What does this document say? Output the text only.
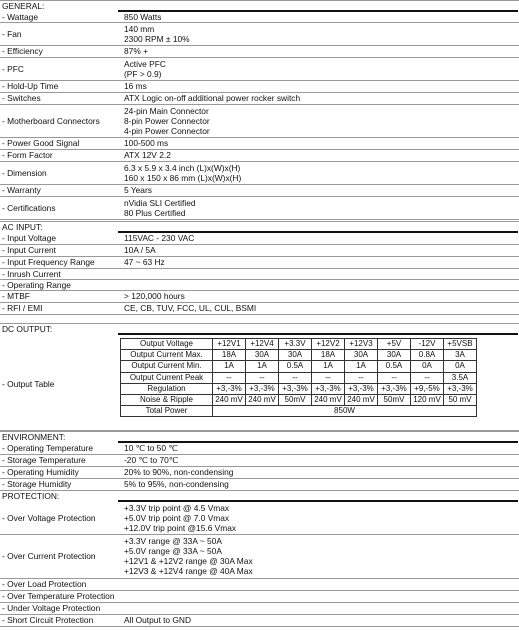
GENERAL:
- Wattage	850 Watts
- Fan	140 mm
2300 RPM ± 10%
- Efficiency	87% +
- PFC	Active PFC
(PF > 0.9)
- Hold-Up Time	16 ms
- Switches	ATX Logic on-off additional power rocker switch
- Motherboard Connectors
24-pin Main Connector
8-pin Power Connector
4-pin Power Connector
- Power Good Signal	100-500 ms
- Form Factor	ATX 12V 2.2
- Dimension	6.3 x 5.9 x 3.4 inch (L)x(W)x(H)
160 x 150 x 86 mm (L)x(W)x(H)
- Warranty	5 Years
- Certifications	nVidia SLI Certified
80 Plus Certified
AC INPUT:
- Input Voltage	115VAC - 230 VAC
- Input Current	10A / 5A
- Input Frequency Range	47 ~ 63 Hz
- Inrush Current
- Operating Range
- MTBF	> 120,000 hours
- RFI / EMI	CE, CB, TUV, FCC, UL, CUL, BSMI
DC OUTPUT:
- Output Table
Output Voltage	+12V1	+12V4	+3.3V	+12V2	+12V3	+5V	-12V	+5VSB
Output Current Max.	18A	30A	30A	18A	30A	30A	0.8A	3A
Output Current Min.	1A	1A	0.5A	1A	1A	0.5A	0A	0A
Output Current Peak	--	--	--	--	--	--	--	3.5A
Regulation	+3,-3%	+3,-3%	+3,-3%	+3,-3%	+3,-3%	+3,-3%	+9,-5%	+3,-3%
Noise & Ripple	240 mV	240 mV	50mV	240 mV	240 mV	50mV	120 mV	50 mV
Total Power	850W							
ENVIRONMENT:
- Operating Temperature	10 ℃ to 50 ℃
- Storage Temperature	-20 ℃ to 70℃
- Operating Humidity	20% to 90%, non-condensing
- Storage Humidity	5% to 95%, non-condensing
PROTECTION:
- Over Voltage Protection
+3.3V trip point @ 4.5 Vmax
+5.0V trip point @ 7.0 Vmax
+12.0V trip point @15.6 Vmax
- Over Current Protection
+3.3V range @ 33A ~ 50A
+5.0V range @ 33A ~ 50A
+12V1 & +12V2 range @ 30A Max
+12V3 & +12V4 range @ 40A Max
- Over Load Protection
- Over Temperature Protection
- Under Voltage Protection
- Short Circuit Protection	All Output to GND
